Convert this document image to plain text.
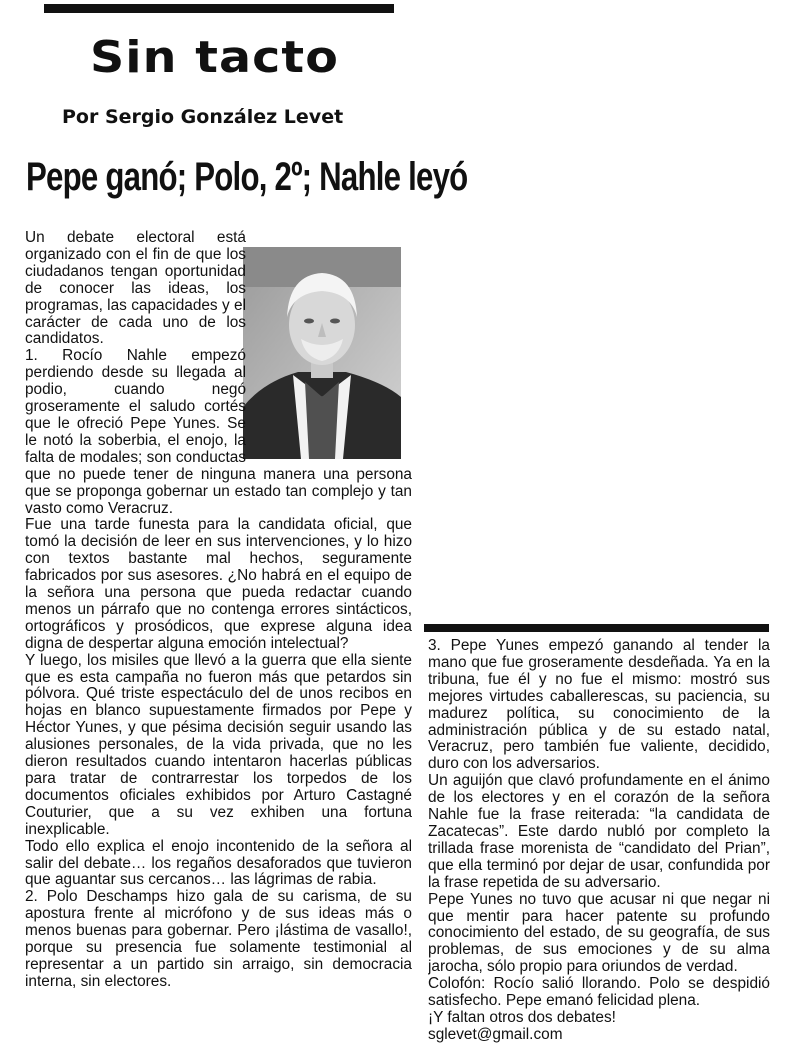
Sin tacto
Por Sergio González Levet
Pepe ganó; Polo, 2º; Nahle leyó

Un debate electoral está organizado con el fin de que los ciudadanos tengan oportunidad de conocer las ideas, los programas, las capacidades y el carácter de cada uno de los candidatos.

1. Rocío Nahle empezó perdiendo desde su llegada al podio, cuando negó groseramente el saludo cortés que le ofreció Pepe Yunes. Se le notó la soberbia, el enojo, la falta de modales; son conductas que no puede tener de ninguna manera una persona que se proponga gobernar un estado tan complejo y tan vasto como Veracruz.

Fue una tarde funesta para la candidata oficial, que tomó la decisión de leer en sus intervenciones, y lo hizo con textos bastante mal hechos, seguramente fabricados por sus asesores. ¿No habrá en el equipo de la señora una persona que pueda redactar cuando menos un párrafo que no contenga errores sintácticos, ortográficos y prosódicos, que exprese alguna idea digna de despertar alguna emoción intelectual?

Y luego, los misiles que llevó a la guerra que ella siente que es esta campaña no fueron más que petardos sin pólvora. Qué triste espectáculo del de unos recibos en hojas en blanco supuestamente firmados por Pepe y Héctor Yunes, y que pésima decisión seguir usando las alusiones personales, de la vida privada, que no les dieron resultados cuando intentaron hacerlas públicas para tratar de contrarrestar los torpedos de los documentos oficiales exhibidos por Arturo Castagné Couturier, que a su vez exhiben una fortuna inexplicable.

Todo ello explica el enojo incontenido de la señora al salir del debate… los regaños desaforados que tuvieron que aguantar sus cercanos… las lágrimas de rabia.

2. Polo Deschamps hizo gala de su carisma, de su apostura frente al micrófono y de sus ideas más o menos buenas para gobernar. Pero ¡lástima de vasallo!, porque su presencia fue solamente testimonial al representar a un partido sin arraigo, sin democracia interna, sin electores.

3. Pepe Yunes empezó ganando al tender la mano que fue groseramente desdeñada. Ya en la tribuna, fue él y no fue el mismo: mostró sus mejores virtudes caballerescas, su paciencia, su madurez política, su conocimiento de la administración pública y de su estado natal, Veracruz, pero también fue valiente, decidido, duro con los adversarios.

Un aguijón que clavó profundamente en el ánimo de los electores y en el corazón de la señora Nahle fue la frase reiterada: “la candidata de Zacatecas”. Este dardo nubló por completo la trillada frase morenista de “candidato del Prian”, que ella terminó por dejar de usar, confundida por la frase repetida de su adversario.

Pepe Yunes no tuvo que acusar ni que negar ni que mentir para hacer patente su profundo conocimiento del estado, de su geografía, de sus problemas, de sus emociones y de su alma jarocha, sólo propio para oriundos de verdad.

Colofón: Rocío salió llorando. Polo se despidió satisfecho. Pepe emanó felicidad plena.

¡Y faltan otros dos debates!

sglevet@gmail.com
